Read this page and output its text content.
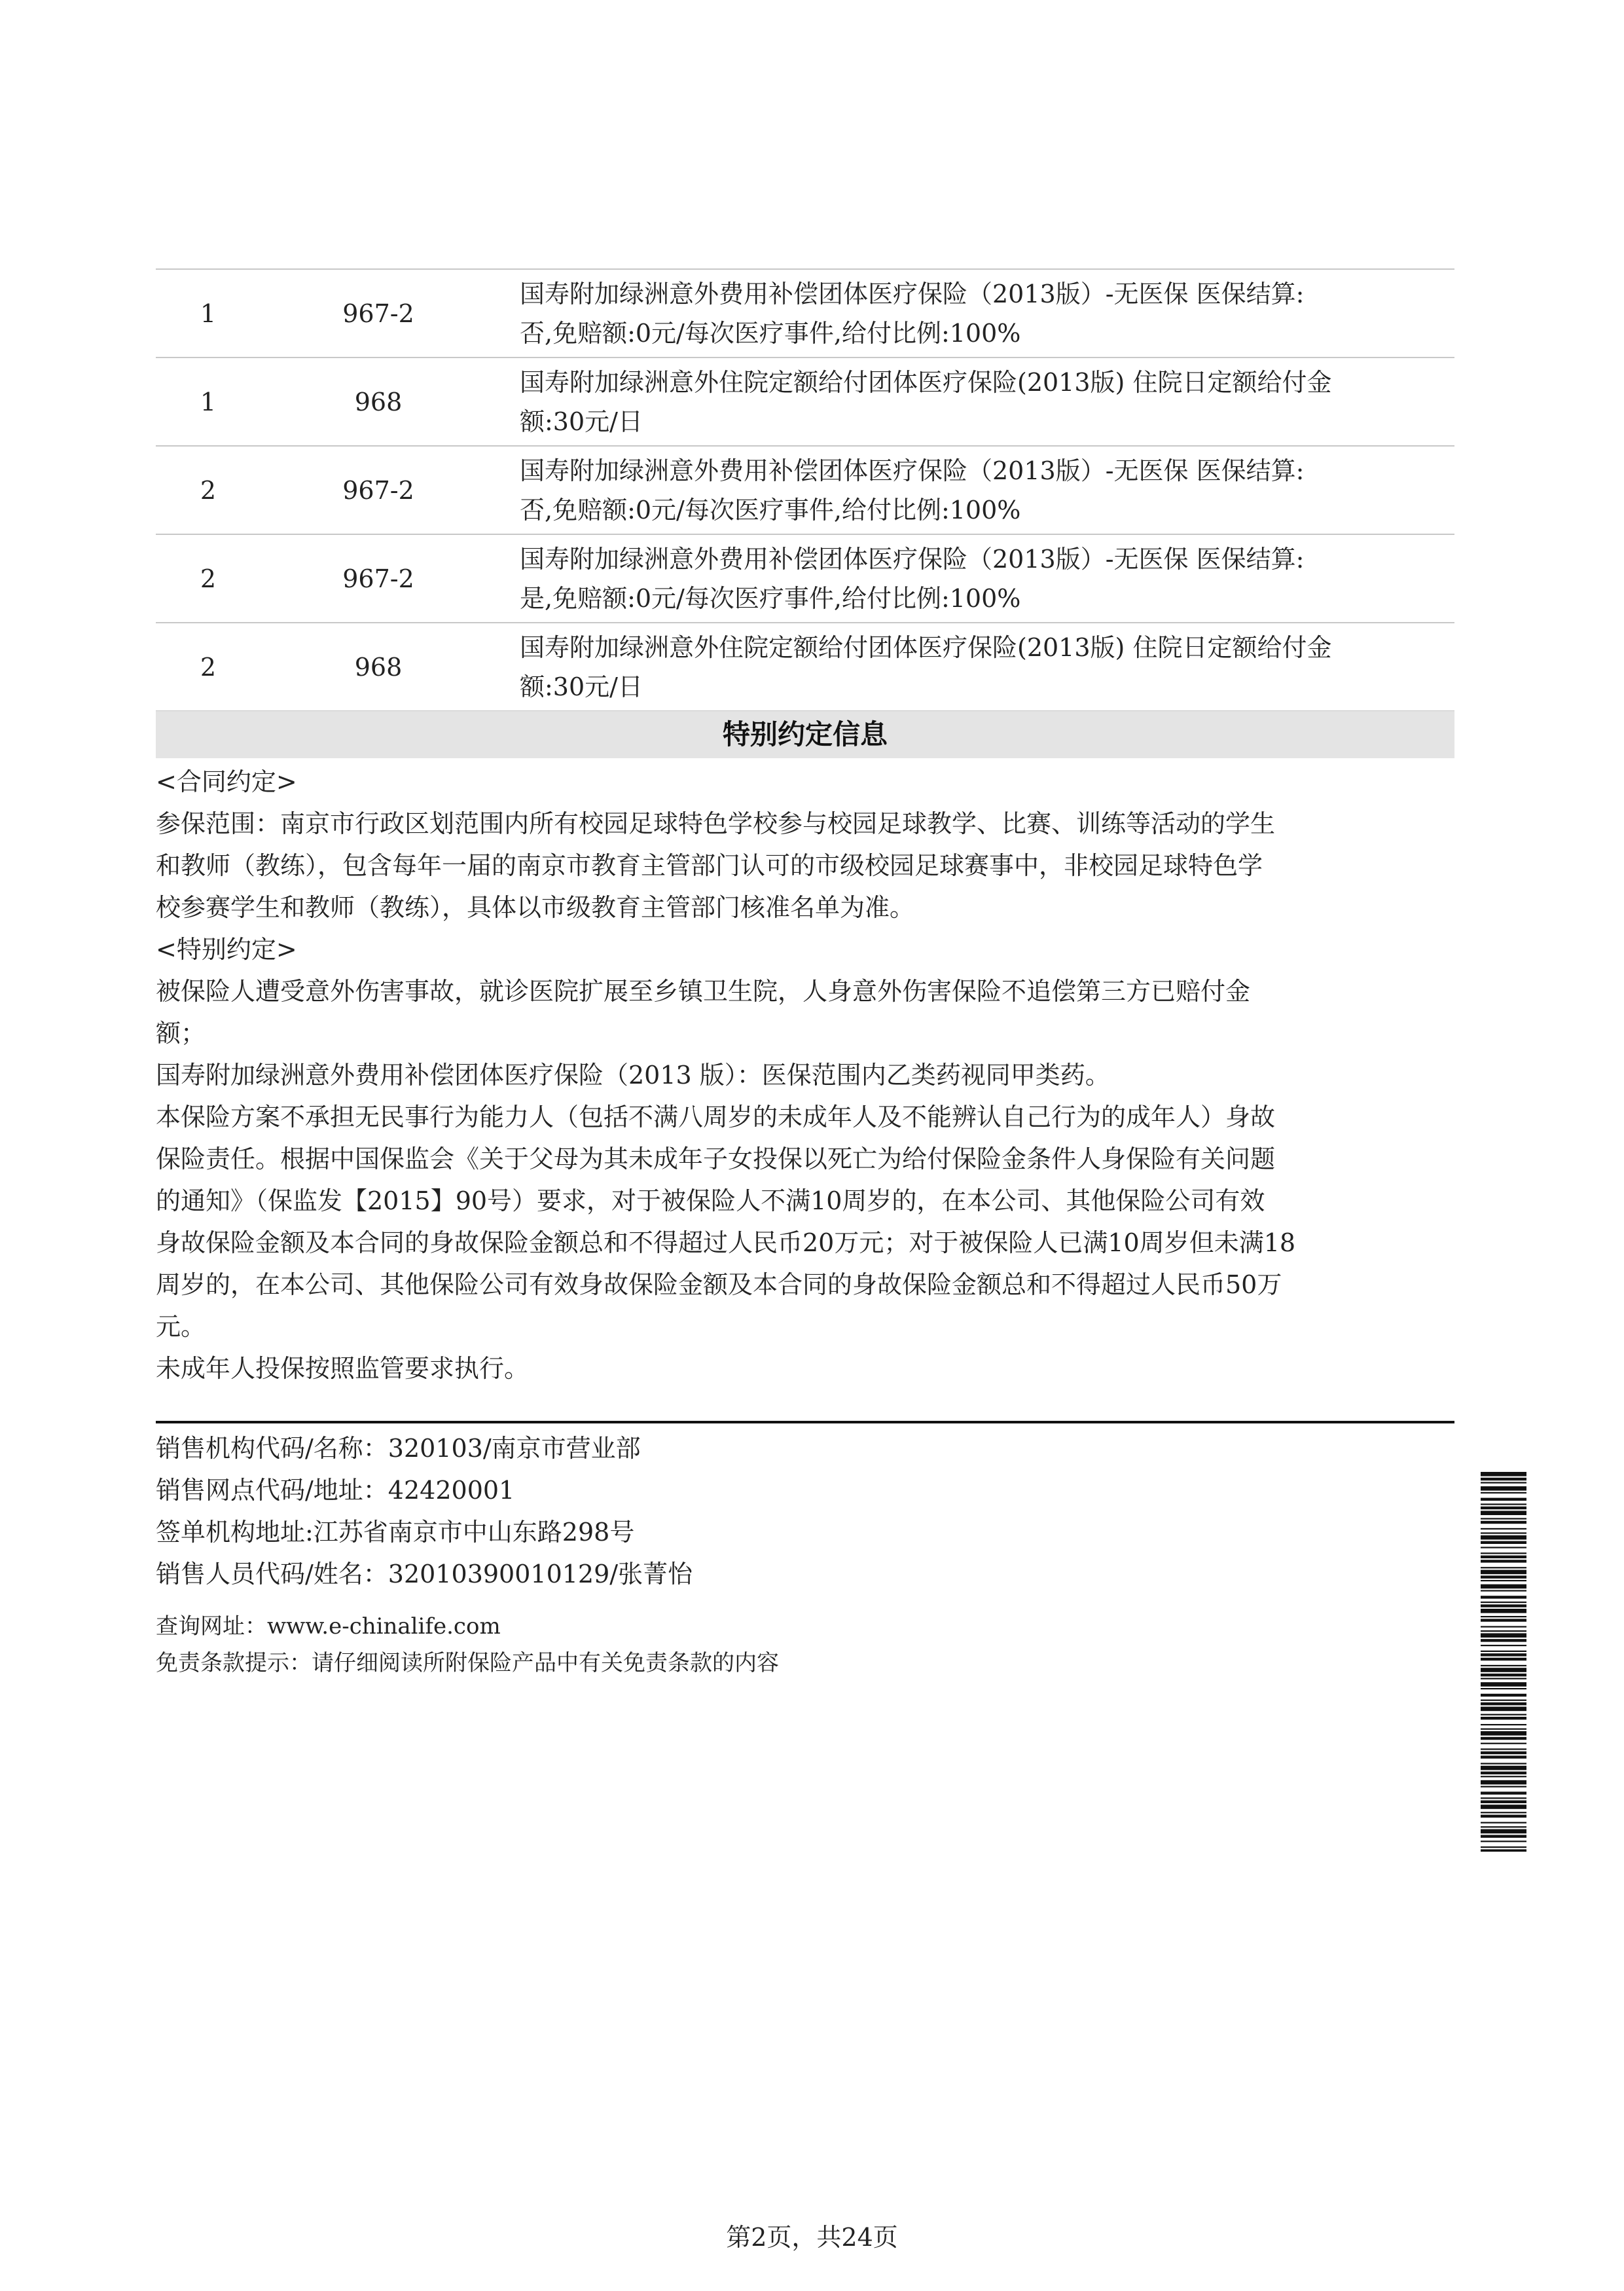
1	967-2	国寿附加绿洲意外费用补偿团体医疗保险（2013版）-无医保 医保结算:
否,免赔额:0元/每次医疗事件,给付比例:100%

1	968	国寿附加绿洲意外住院定额给付团体医疗保险(2013版) 住院日定额给付金
额:30元/日

2	967-2	国寿附加绿洲意外费用补偿团体医疗保险（2013版）-无医保 医保结算:
否,免赔额:0元/每次医疗事件,给付比例:100%

2	967-2	国寿附加绿洲意外费用补偿团体医疗保险（2013版）-无医保 医保结算:
是,免赔额:0元/每次医疗事件,给付比例:100%

2	968	国寿附加绿洲意外住院定额给付团体医疗保险(2013版) 住院日定额给付金
额:30元/日
特别约定信息

<合同约定>

参保范围：南京市行政区划范围内所有校园足球特色学校参与校园足球教学、比赛、训练等活动的学生

和教师（教练），包含每年一届的南京市教育主管部门认可的市级校园足球赛事中，非校园足球特色学

校参赛学生和教师（教练），具体以市级教育主管部门核准名单为准。

<特别约定>

被保险人遭受意外伤害事故，就诊医院扩展至乡镇卫生院，人身意外伤害保险不追偿第三方已赔付金

额；

国寿附加绿洲意外费用补偿团体医疗保险（2013 版）：医保范围内乙类药视同甲类药。

本保险方案不承担无民事行为能力人（包括不满八周岁的未成年人及不能辨认自己行为的成年人）身故

保险责任。根据中国保监会《关于父母为其未成年子女投保以死亡为给付保险金条件人身保险有关问题

的通知》（保监发【2015】90号）要求，对于被保险人不满10周岁的，在本公司、其他保险公司有效

身故保险金额及本合同的身故保险金额总和不得超过人民币20万元；对于被保险人已满10周岁但未满18

周岁的，在本公司、其他保险公司有效身故保险金额及本合同的身故保险金额总和不得超过人民币50万

元。

未成年人投保按照监管要求执行。

销售机构代码/名称：320103/南京市营业部

销售网点代码/地址：42420001

签单机构地址:江苏省南京市中山东路298号

销售人员代码/姓名：32010390010129/张菁怡

查询网址：www.e-chinalife.com

免责条款提示：请仔细阅读所附保险产品中有关免责条款的内容

第2页，共24页
